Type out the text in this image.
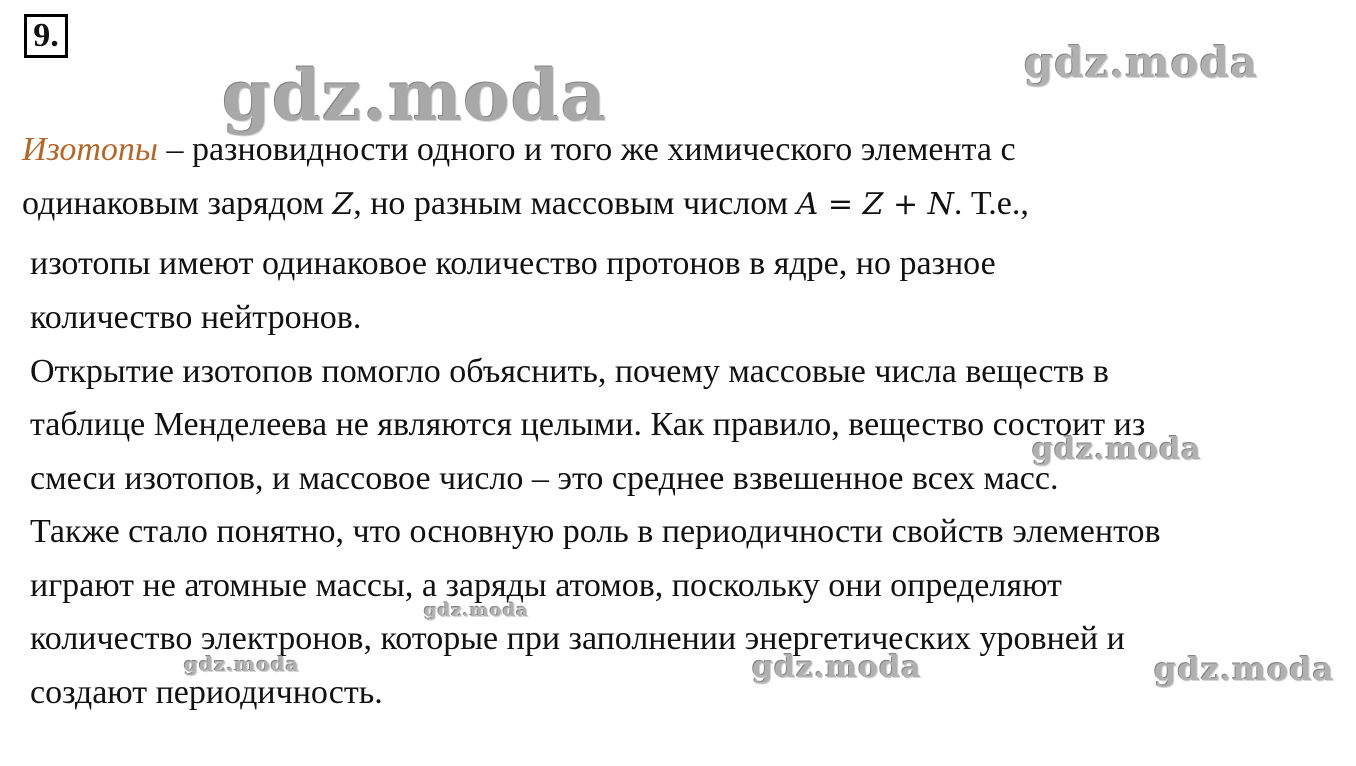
9.
Изотопы – разновидности одного и того же химического элемента с
одинаковым зарядом Z, но разным массовым числом A = Z + N. Т.е.,
изотопы имеют одинаковое количество протонов в ядре, но разное
количество нейтронов.
Открытие изотопов помогло объяснить, почему массовые числа веществ в
таблице Менделеева не являются целыми. Как правило, вещество состоит из
смеси изотопов, и массовое число – это среднее взвешенное всех масс.
Также стало понятно, что основную роль в периодичности свойств элементов
играют не атомные массы, а заряды атомов, поскольку они определяют
количество электронов, которые при заполнении энергетических уровней и
создают периодичность.
gdz.moda	gdz.moda
gdz.moda
gdz.moda
gdz.moda	gdz.moda	gdz.moda
